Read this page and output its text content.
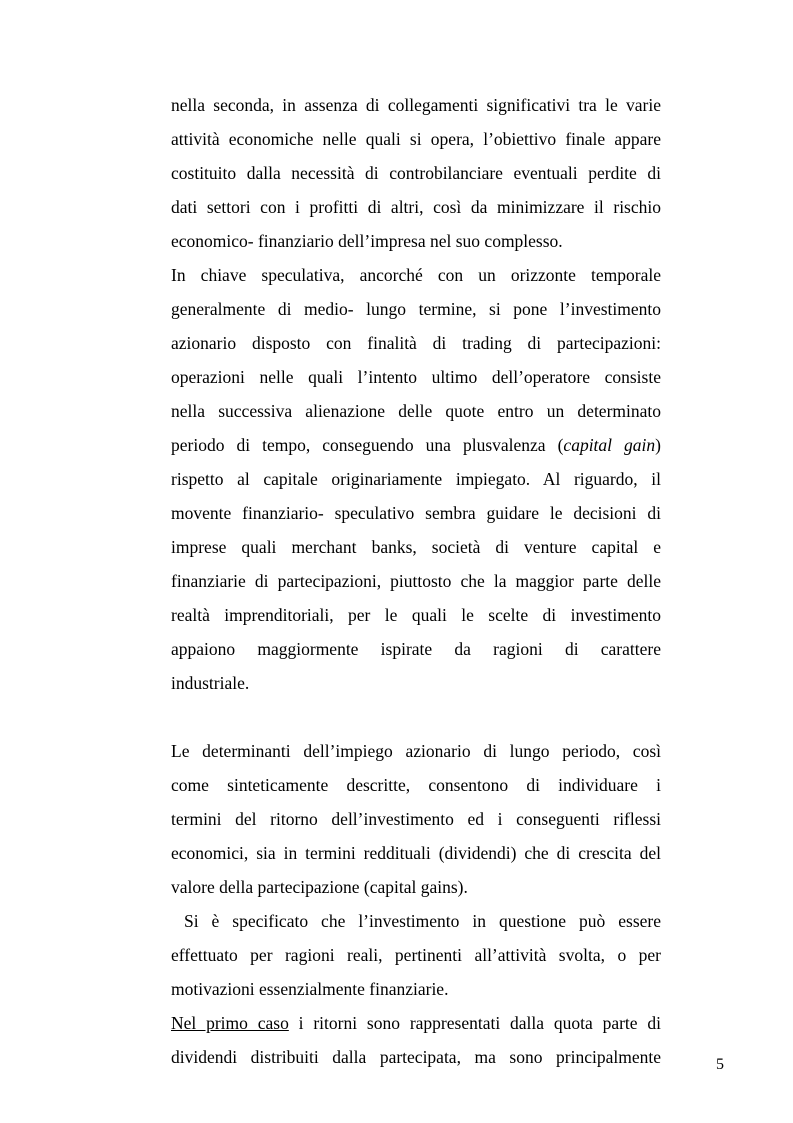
nella seconda, in assenza di collegamenti significativi tra le varie
attività economiche nelle quali si opera, l’obiettivo finale appare
costituito dalla necessità di controbilanciare eventuali perdite di
dati settori con i profitti di altri, così da minimizzare il rischio
economico- finanziario dell’impresa nel suo complesso.
In chiave speculativa, ancorché con un orizzonte temporale
generalmente di medio- lungo termine, si pone l’investimento
azionario disposto con finalità di trading di partecipazioni:
operazioni nelle quali l’intento ultimo dell’operatore consiste
nella successiva alienazione delle quote entro un determinato
periodo di tempo, conseguendo una plusvalenza (capital gain)
rispetto al capitale originariamente impiegato. Al riguardo, il
movente finanziario- speculativo sembra guidare le decisioni di
imprese quali merchant banks, società di venture capital e
finanziarie di partecipazioni, piuttosto che la maggior parte delle
realtà imprenditoriali, per le quali le scelte di investimento
appaiono maggiormente ispirate da ragioni di carattere
industriale.
Le determinanti dell’impiego azionario di lungo periodo, così
come sinteticamente descritte, consentono di individuare i
termini del ritorno dell’investimento ed i conseguenti riflessi
economici, sia in termini reddituali (dividendi) che di crescita del
valore della partecipazione (capital gains).
Si è specificato che l’investimento in questione può essere
effettuato per ragioni reali, pertinenti all’attività svolta, o per
motivazioni essenzialmente finanziarie.
Nel primo caso i ritorni sono rappresentati dalla quota parte di
dividendi distribuiti dalla partecipata, ma sono principalmente	5
